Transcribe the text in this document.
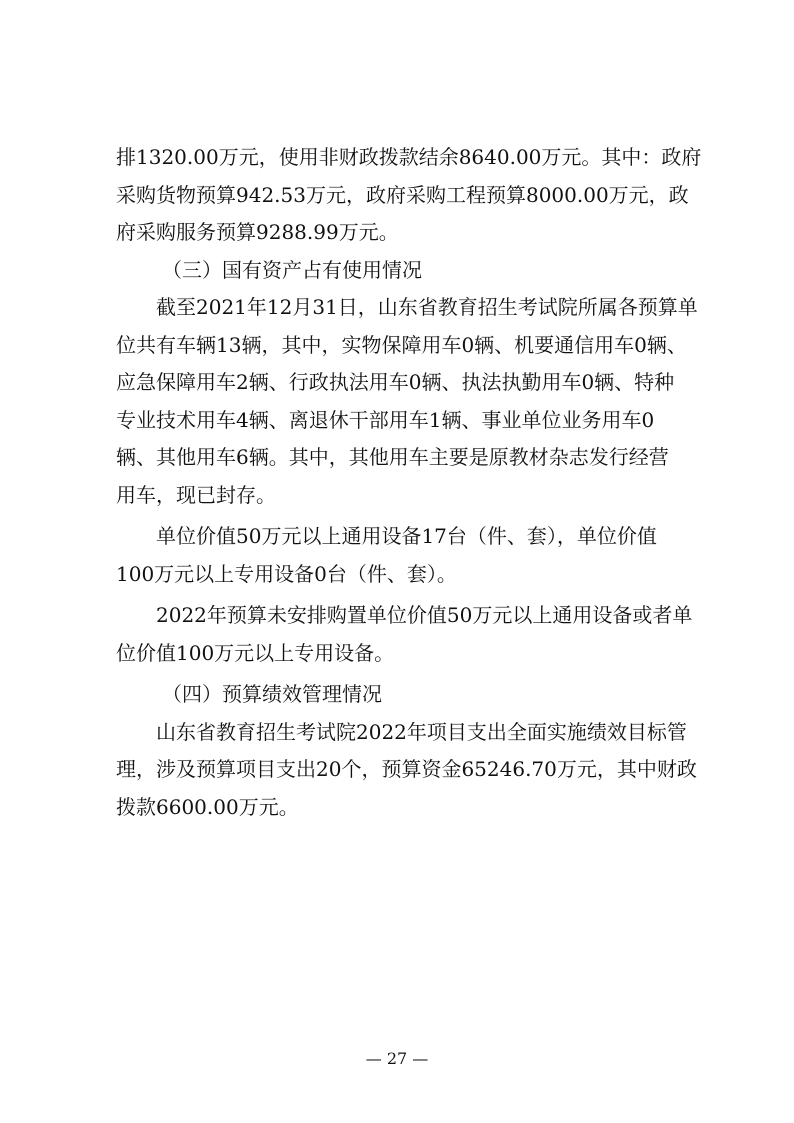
排1320.00万元，使用非财政拨款结余8640.00万元。其中：政府
采购货物预算942.53万元，政府采购工程预算8000.00万元，政
府采购服务预算9288.99万元。
（三）国有资产占有使用情况
截至2021年12月31日，山东省教育招生考试院所属各预算单
位共有车辆13辆，其中，实物保障用车0辆、机要通信用车0辆、
应急保障用车2辆、行政执法用车0辆、执法执勤用车0辆、特种
专业技术用车4辆、离退休干部用车1辆、事业单位业务用车0
辆、其他用车6辆。其中，其他用车主要是原教材杂志发行经营
用车，现已封存。
单位价值50万元以上通用设备17台（件、套），单位价值
100万元以上专用设备0台（件、套）。
2022年预算未安排购置单位价值50万元以上通用设备或者单
位价值100万元以上专用设备。
（四）预算绩效管理情况
山东省教育招生考试院2022年项目支出全面实施绩效目标管
理，涉及预算项目支出20个，预算资金65246.70万元，其中财政
拨款6600.00万元。
— 27 —
